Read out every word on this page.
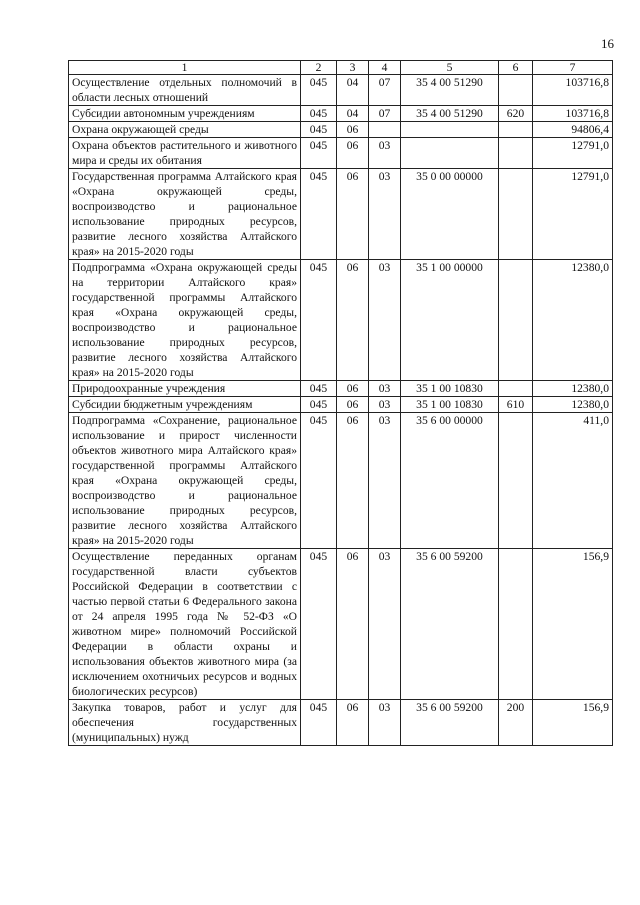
16
1	2	3	4	5	6	7
Осуществление отдельных полномочий в области лесных отношений	045	04	07	35 4 00 51290		103716,8
Субсидии автономным учреждениям	045	04	07	35 4 00 51290	620	103716,8
Охрана окружающей среды	045	06				94806,4
Охрана объектов растительного и животного мира и среды их обитания	045	06	03			12791,0
Государственная программа Алтайского края «Охрана окружающей среды, воспроизводство и рациональное использование природных ресурсов, развитие лесного хозяйства Алтайского края» на 2015-2020 годы	045	06	03	35 0 00 00000		12791,0
Подпрограмма «Охрана окружающей среды на территории Алтайского края» государственной программы Алтайского края «Охрана окружающей среды, воспроизводство и рациональное использование природных ресурсов, развитие лесного хозяйства Алтайского края» на 2015-2020 годы	045	06	03	35 1 00 00000		12380,0
Природоохранные учреждения	045	06	03	35 1 00 10830		12380,0
Субсидии бюджетным учреждениям	045	06	03	35 1 00 10830	610	12380,0
Подпрограмма «Сохранение, рациональное использование и прирост численности объектов животного мира Алтайского края» государственной программы Алтайского края «Охрана окружающей среды, воспроизводство и рациональное использование природных ресурсов, развитие лесного хозяйства Алтайского края» на 2015-2020 годы	045	06	03	35 6 00 00000		411,0
Осуществление переданных органам государственной власти субъектов Российской Федерации в соответствии с частью первой статьи 6 Федерального закона от 24 апреля 1995 года № 52-ФЗ «О животном мире» полномочий Российской Федерации в области охраны и использования объектов животного мира (за исключением охотничьих ресурсов и водных биологических ресурсов)	045	06	03	35 6 00 59200		156,9
Закупка товаров, работ и услуг для обеспечения государственных (муниципальных) нужд	045	06	03	35 6 00 59200	200	156,9
